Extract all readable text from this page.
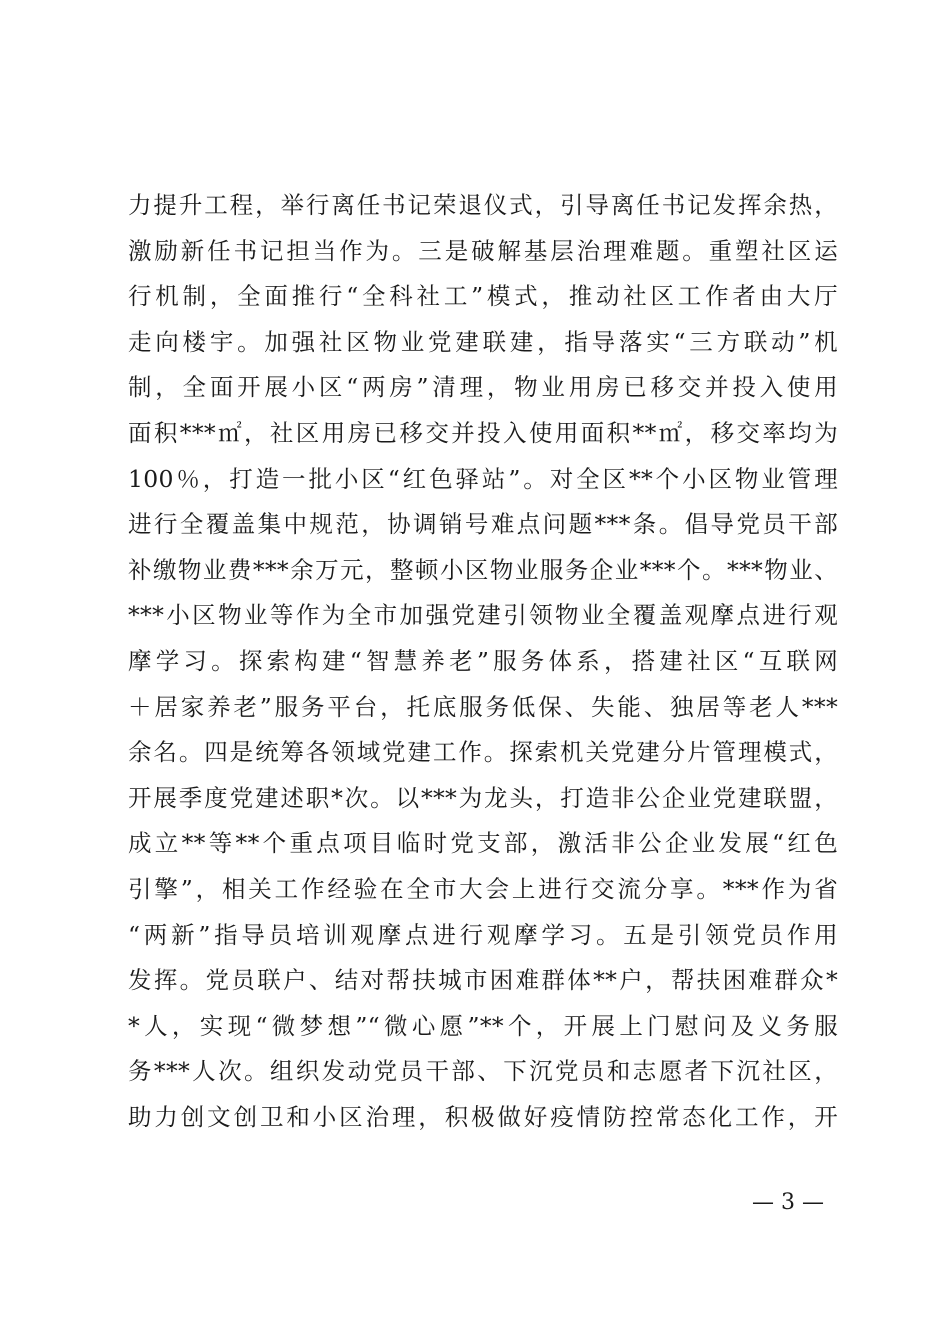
力提升工程，举行离任书记荣退仪式，引导离任书记发挥余热，
激励新任书记担当作为。三是破解基层治理难题。重塑社区运
行机制，全面推行“全科社工”模式，推动社区工作者由大厅
走向楼宇。加强社区物业党建联建，指导落实“三方联动”机
制，全面开展小区“两房”清理，物业用房已移交并投入使用
面积***㎡，社区用房已移交并投入使用面积**㎡，移交率均为
100％，打造一批小区“红色驿站”。对全区**个小区物业管理
进行全覆盖集中规范，协调销号难点问题***条。倡导党员干部
补缴物业费***余万元，整顿小区物业服务企业***个。***物业、
***小区物业等作为全市加强党建引领物业全覆盖观摩点进行观
摩学习。探索构建“智慧养老”服务体系，搭建社区“互联网
＋居家养老”服务平台，托底服务低保、失能、独居等老人***
余名。四是统筹各领域党建工作。探索机关党建分片管理模式，
开展季度党建述职*次。以***为龙头，打造非公企业党建联盟，
成立**等**个重点项目临时党支部，激活非公企业发展“红色
引擎”，相关工作经验在全市大会上进行交流分享。***作为省
“两新”指导员培训观摩点进行观摩学习。五是引领党员作用
发挥。党员联户、结对帮扶城市困难群体**户，帮扶困难群众*
*人，实现“微梦想”“微心愿”**个，开展上门慰问及义务服
务***人次。组织发动党员干部、下沉党员和志愿者下沉社区，
助力创文创卫和小区治理，积极做好疫情防控常态化工作，开
— 3 —
